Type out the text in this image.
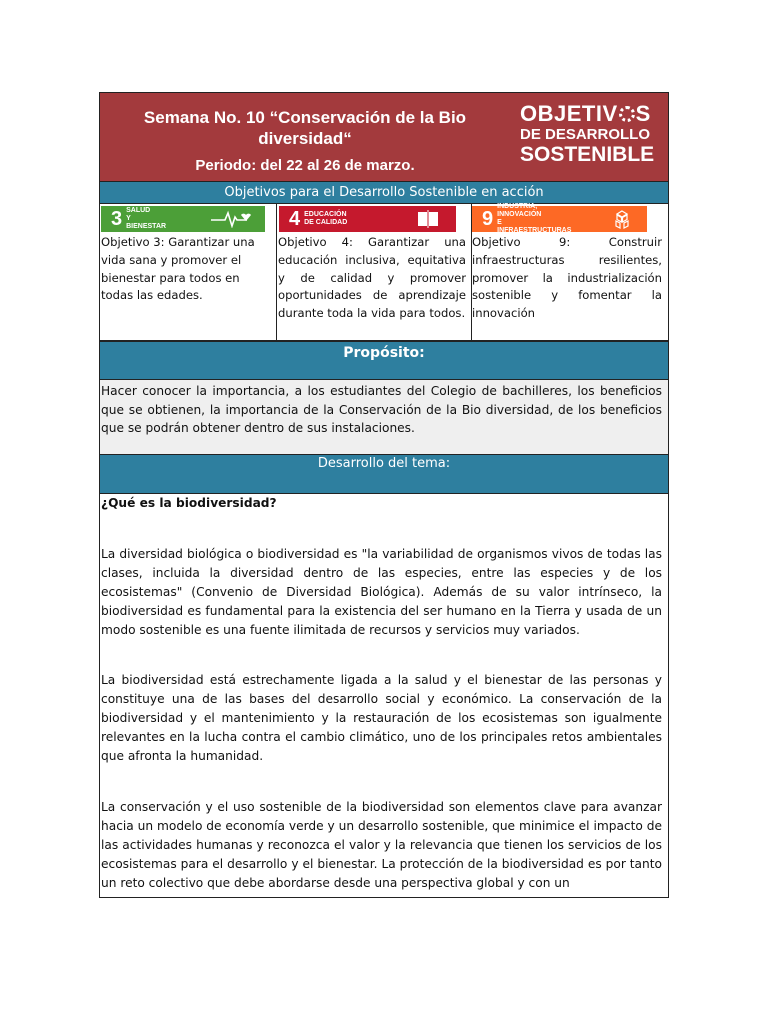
Semana No. 10 “Conservación de la Bio diversidad“
Periodo: del 22 al 26 de marzo.
OBJETIV S
DE DESARROLLO
SOSTENIBLE
Objetivos para el Desarrollo Sostenible en acción
3 SALUD
Y BIENESTAR
Objetivo 3: Garantizar una vida sana y promover el bienestar para todos en todas las edades.
4 EDUCACIÓN
DE CALIDAD
Objetivo 4: Garantizar una educación inclusiva, equitativa y de calidad y promover oportunidades de aprendizaje durante toda la vida para todos.
9
INDUSTRIA, INNOVACIÓN
E INFRAESTRUCTURAS
Objetivo 9: Construir infraestructuras resilientes, promover la industrialización sostenible y fomentar la innovación
Propósito:
Hacer conocer la importancia, a los estudiantes del Colegio de bachilleres, los beneficios que se obtienen, la importancia de la Conservación de la Bio diversidad, de los beneficios que se podrán obtener dentro de sus instalaciones.
Desarrollo del tema:

¿Qué es la biodiversidad?

La diversidad biológica o biodiversidad es "la variabilidad de organismos vivos de todas las clases, incluida la diversidad dentro de las especies, entre las especies y de los ecosistemas" (Convenio de Diversidad Biológica). Además de su valor intrínseco, la biodiversidad es fundamental para la existencia del ser humano en la Tierra y usada de un modo sostenible es una fuente ilimitada de recursos y servicios muy variados.

La biodiversidad está estrechamente ligada a la salud y el bienestar de las personas y constituye una de las bases del desarrollo social y económico. La conservación de la biodiversidad y el mantenimiento y la restauración de los ecosistemas son igualmente relevantes en la lucha contra el cambio climático, uno de los principales retos ambientales que afronta la humanidad.

La conservación y el uso sostenible de la biodiversidad son elementos clave para avanzar hacia un modelo de economía verde y un desarrollo sostenible, que minimice el impacto de las actividades humanas y reconozca el valor y la relevancia que tienen los servicios de los ecosistemas para el desarrollo y el bienestar. La protección de la biodiversidad es por tanto un reto colectivo que debe abordarse desde una perspectiva global y con un
